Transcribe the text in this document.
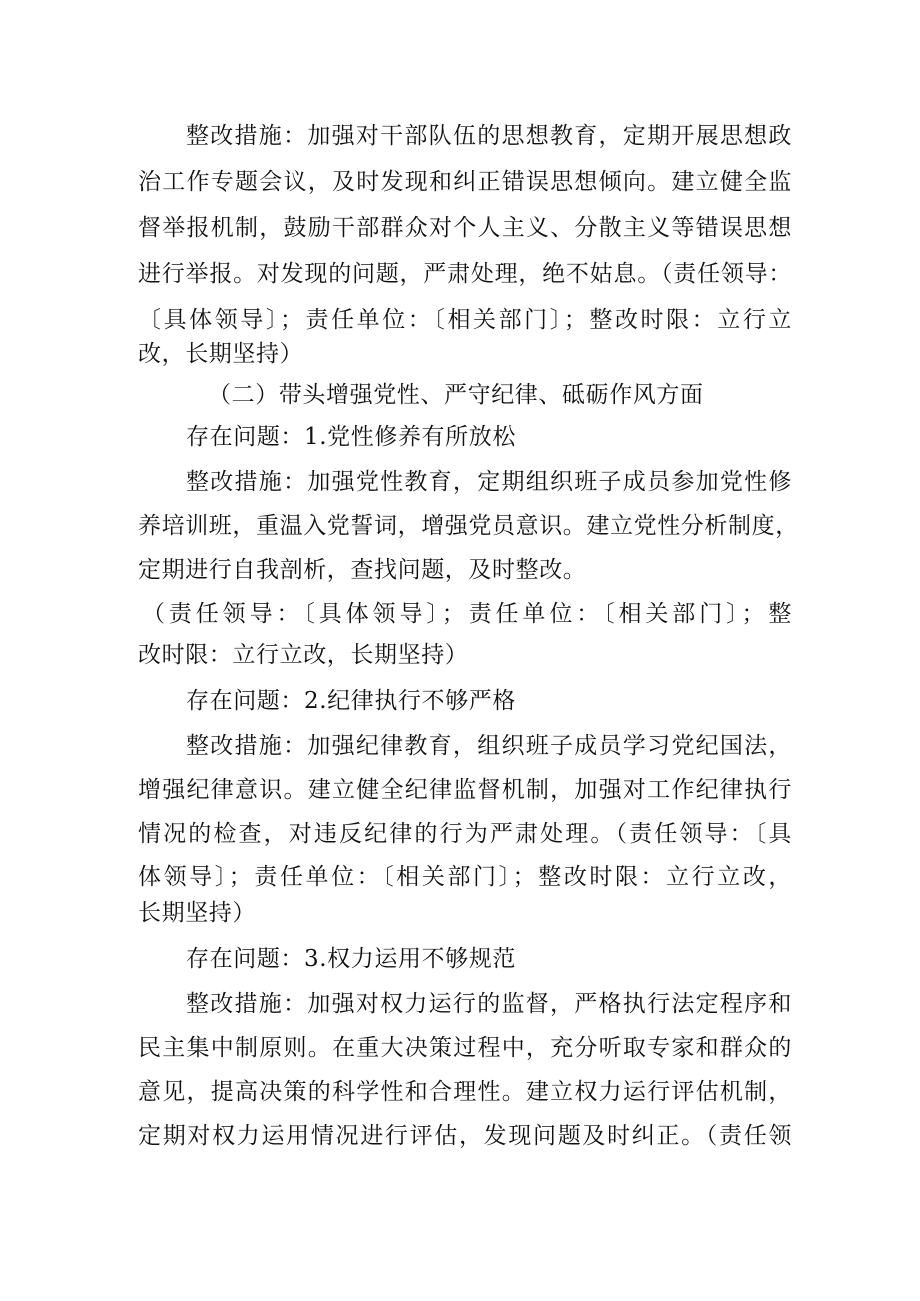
整改措施：加强对干部队伍的思想教育，定期开展思想政
治工作专题会议，及时发现和纠正错误思想倾向。建立健全监
督举报机制，鼓励干部群众对个人主义、分散主义等错误思想
进行举报。对发现的问题，严肃处理，绝不姑息。（责任领导：
〔具体领导〕；责任单位：〔相关部门〕；整改时限：立行立
改，长期坚持）
（二）带头增强党性、严守纪律、砥砺作风方面
存在问题：1.党性修养有所放松
整改措施：加强党性教育，定期组织班子成员参加党性修
养培训班，重温入党誓词，增强党员意识。建立党性分析制度，
定期进行自我剖析，查找问题，及时整改。
（责任领导：〔具体领导〕；责任单位：〔相关部门〕；整
改时限：立行立改，长期坚持）
存在问题：2.纪律执行不够严格
整改措施：加强纪律教育，组织班子成员学习党纪国法，
增强纪律意识。建立健全纪律监督机制，加强对工作纪律执行
情况的检查，对违反纪律的行为严肃处理。（责任领导：〔具
体领导〕；责任单位：〔相关部门〕；整改时限：立行立改，
长期坚持）
存在问题：3.权力运用不够规范
整改措施：加强对权力运行的监督，严格执行法定程序和
民主集中制原则。在重大决策过程中，充分听取专家和群众的
意见，提高决策的科学性和合理性。建立权力运行评估机制，
定期对权力运用情况进行评估，发现问题及时纠正。（责任领
